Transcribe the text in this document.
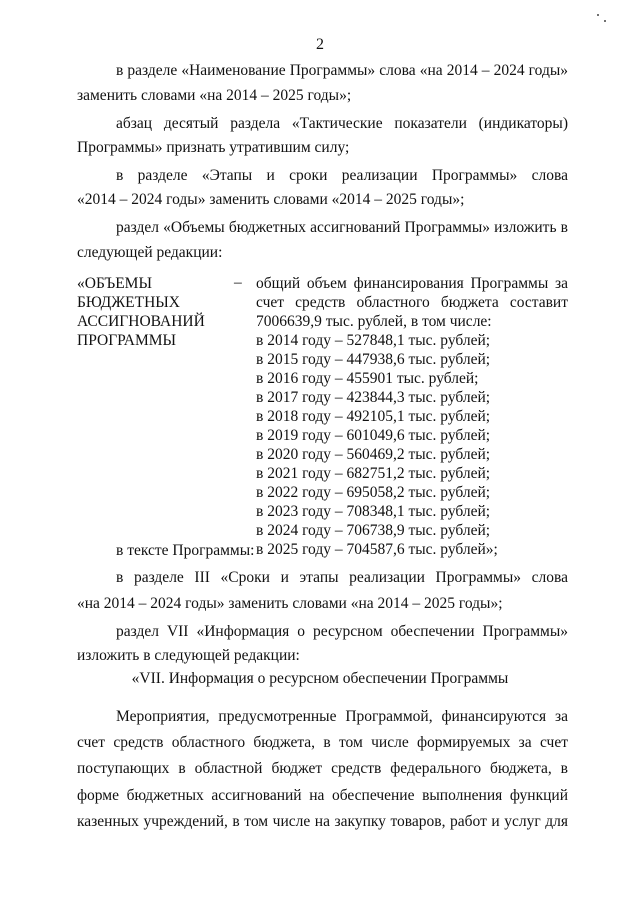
2
в разделе «Наименование Программы» слова «на 2014 – 2024 годы»
заменить словами «на 2014 – 2025 годы»;
абзац десятый раздела «Тактические показатели (индикаторы)
Программы» признать утратившим силу;
в разделе «Этапы и сроки реализации Программы» слова
«2014 – 2024 годы» заменить словами «2014 – 2025 годы»;
раздел «Объемы бюджетных ассигнований Программы» изложить в
следующей редакции:
«ОБЪЕМЫ
БЮДЖЕТНЫХ
АССИГНОВАНИЙ
ПРОГРАММЫ
– общий объем финансирования Программы за
счет средств областного бюджета составит
7006639,9 тыс. рублей, в том числе:
в 2014 году – 527848,1 тыс. рублей;
в 2015 году – 447938,6 тыс. рублей;
в 2016 году – 455901 тыс. рублей;
в 2017 году – 423844,3 тыс. рублей;
в 2018 году – 492105,1 тыс. рублей;
в 2019 году – 601049,6 тыс. рублей;
в 2020 году – 560469,2 тыс. рублей;
в 2021 году – 682751,2 тыс. рублей;
в 2022 году – 695058,2 тыс. рублей;
в 2023 году – 708348,1 тыс. рублей;
в 2024 году – 706738,9 тыс. рублей;
в 2025 году – 704587,6 тыс. рублей»;
в тексте Программы:
в разделе III «Сроки и этапы реализации Программы» слова
«на 2014 – 2024 годы» заменить словами «на 2014 – 2025 годы»;
раздел VII «Информация о ресурсном обеспечении Программы»
изложить в следующей редакции:
«VII. Информация о ресурсном обеспечении Программы
Мероприятия, предусмотренные Программой, финансируются за
счет средств областного бюджета, в том числе формируемых за счет
поступающих в областной бюджет средств федерального бюджета, в
форме бюджетных ассигнований на обеспечение выполнения функций
казенных учреждений, в том числе на закупку товаров, работ и услуг для
